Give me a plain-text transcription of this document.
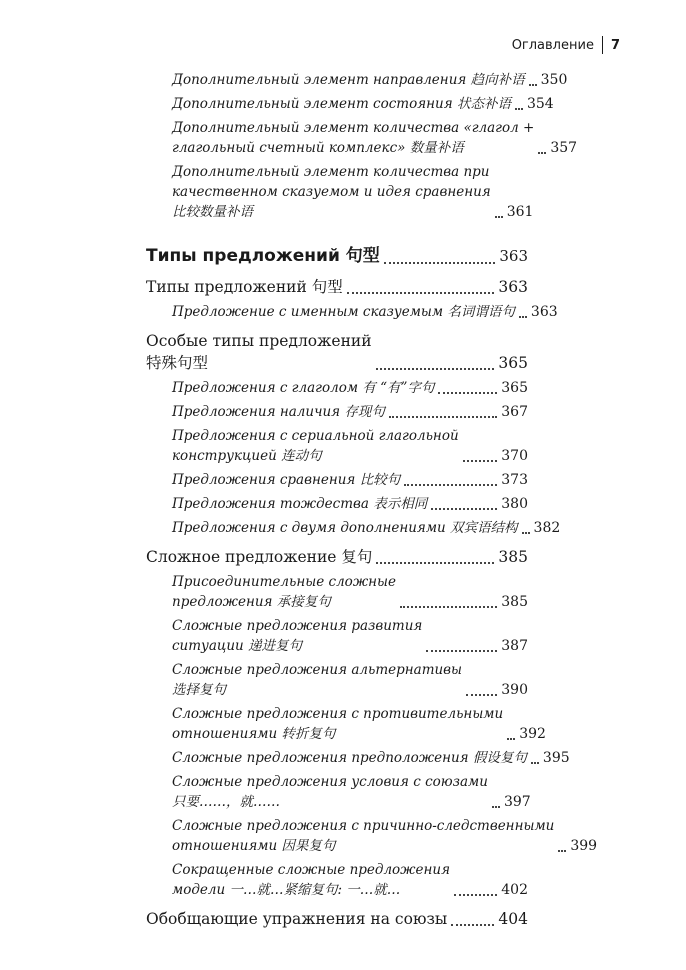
Оглавление 7
Дополнительный элемент направления 趋向补语 350
Дополнительный элемент состояния 状态补语 354
Дополнительный элемент количества «глагол +
глагольный счетный комплекс» 数量补语	357
Дополнительный элемент количества при
качественном сказуемом и идея сравнения
比较数量补语	361
Типы предложений 句型	363
Типы предложений 句型	363
Предложение с именным сказуемым 名词谓语句 363
Особые типы предложений
特殊句型	365
Предложения с глаголом 有 “有”字句	365
Предложения наличия 存现句	367
Предложения с сериальной глагольной
конструкцией 连动句	370
Предложения сравнения 比较句	373
Предложения тождества 表示相同	380
Предложения с двумя дополнениями 双宾语结构 382
Сложное предложение 复句	385
Присоединительные сложные
предложения 承接复句	385
Сложные предложения развития
ситуации 递进复句	387
Сложные предложения альтернативы
选择复句	390
Сложные предложения с противительными
отношениями 转折复句	392
Сложные предложения предположения 假设复句 395
Сложные предложения условия с союзами
只要……，就……	397
Сложные предложения с причинно-следственными
отношениями 因果复句	399
Сокращенные сложные предложения
модели 一…就…紧缩复句: 一…就…	402
Обобщающие упражнения на союзы	404
